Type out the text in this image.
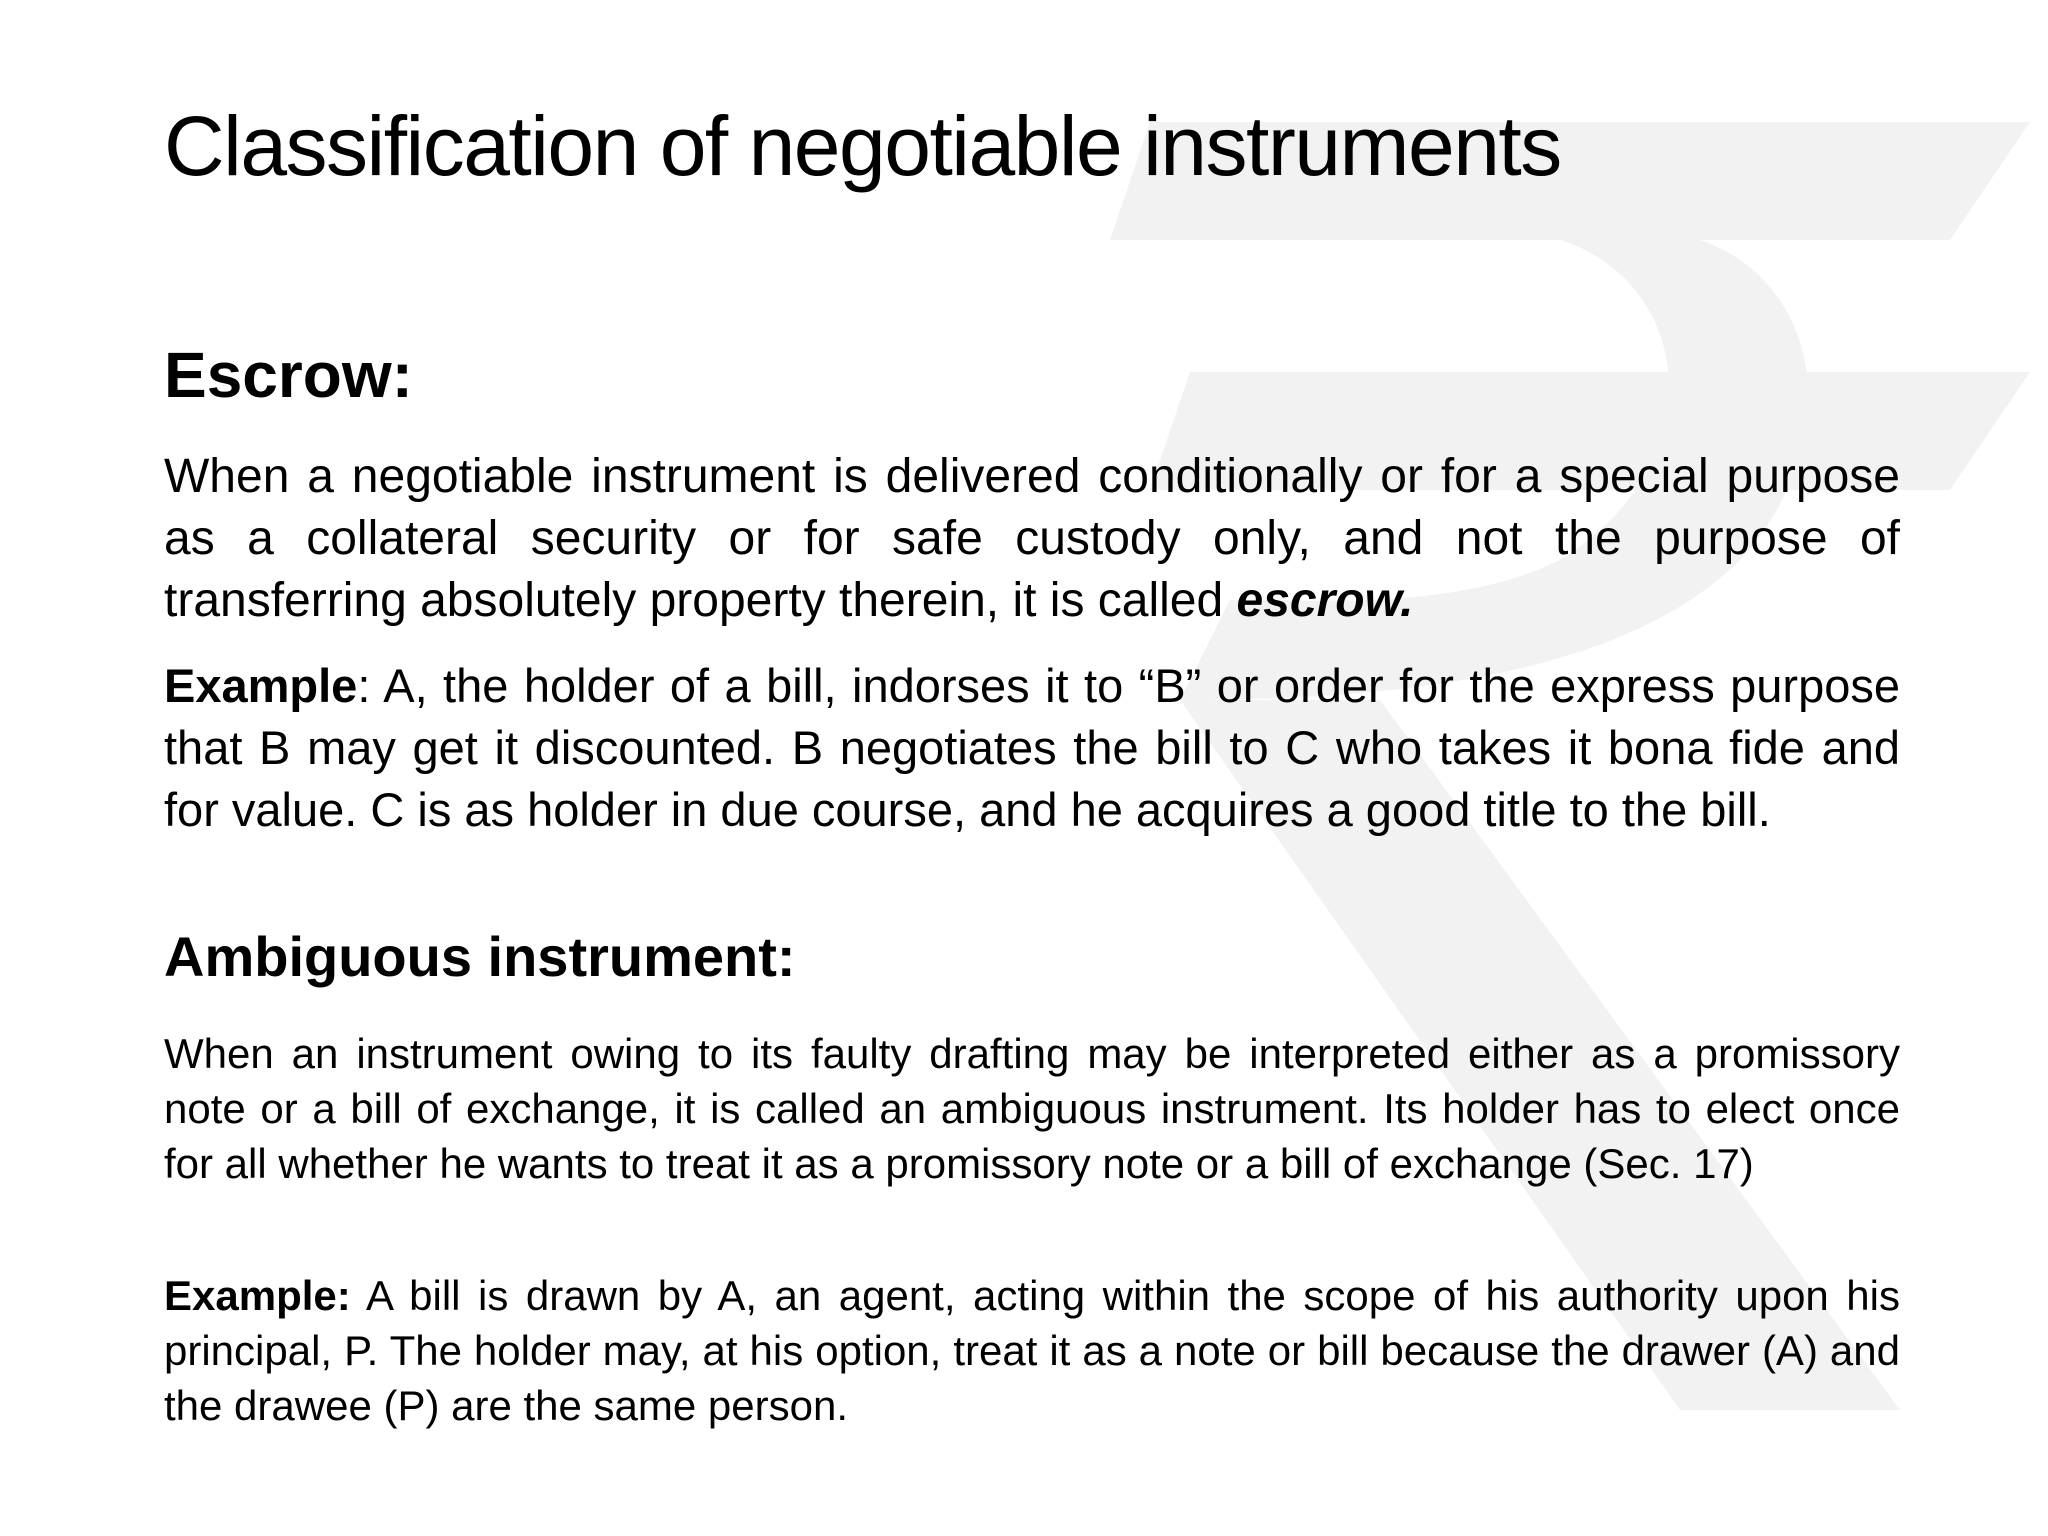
Classification of negotiable instruments
Escrow:

When a negotiable instrument is delivered conditionally or for a special purpose as a collateral security or for safe custody only, and not the purpose of transferring absolutely property therein, it is called escrow.

Example: A, the holder of a bill, indorses it to “B” or order for the express purpose that B may get it discounted. B negotiates the bill to C who takes it bona fide and for value. C is as holder in due course, and he acquires a good title to the bill.

Ambiguous instrument:

When an instrument owing to its faulty drafting may be interpreted either as a promissory note or a bill of exchange, it is called an ambiguous instrument. Its holder has to elect once for all whether he wants to treat it as a promissory note or a bill of exchange (Sec. 17)

Example: A bill is drawn by A, an agent, acting within the scope of his authority upon his principal, P. The holder may, at his option, treat it as a note or bill because the drawer (A) and the drawee (P) are the same person.
